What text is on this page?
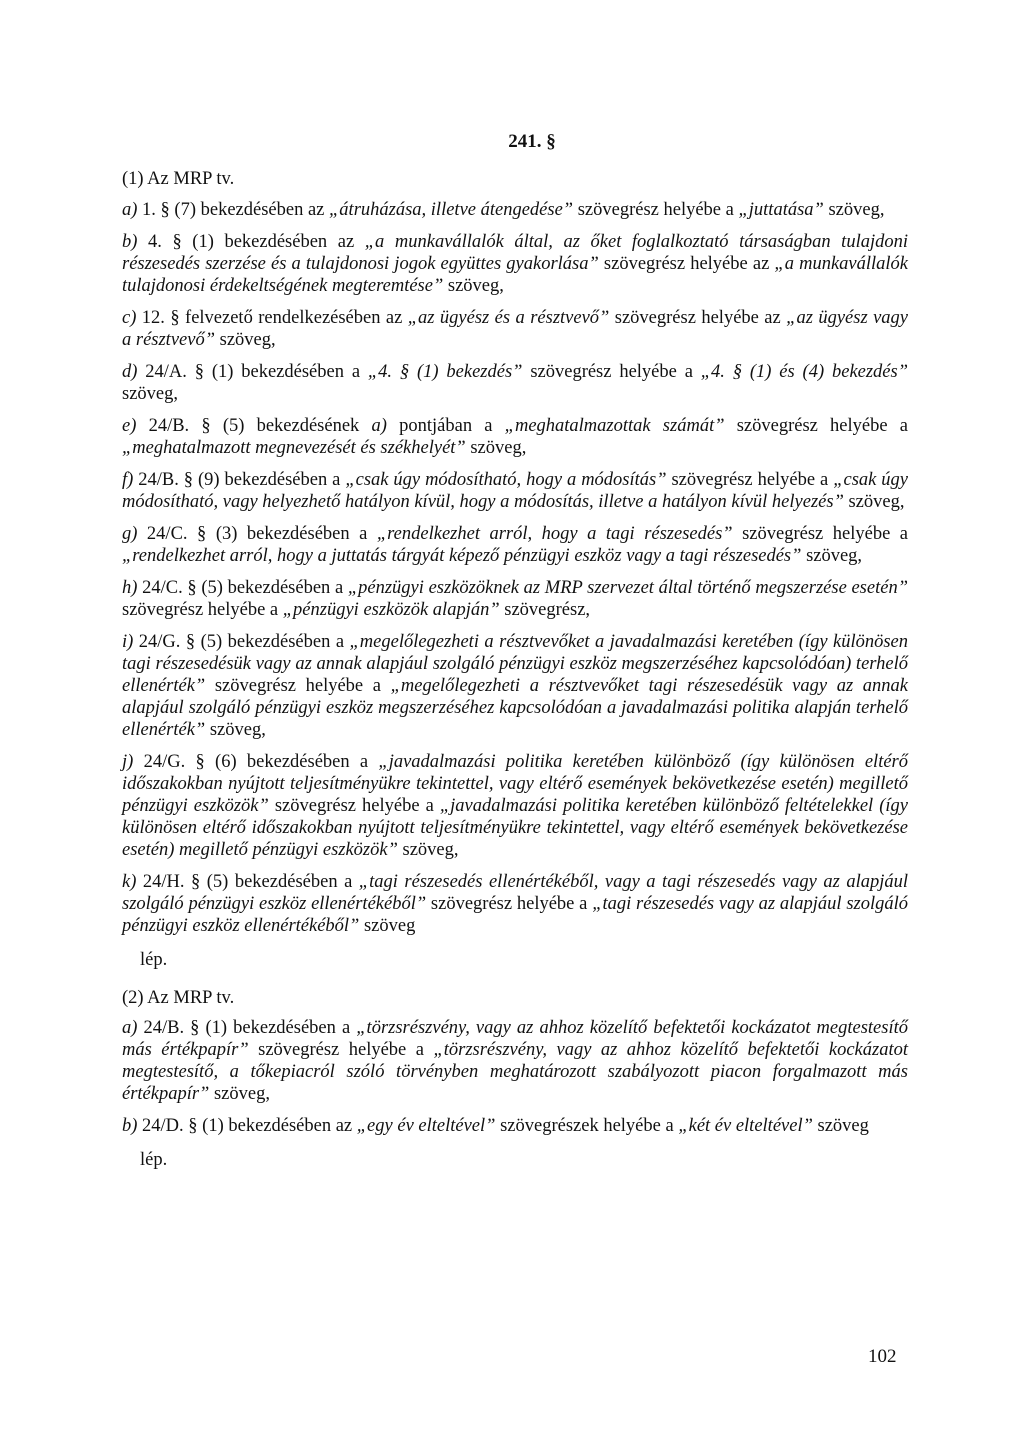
241. §
(1) Az MRP tv.
a) 1. § (7) bekezdésében az „átruházása, illetve átengedése” szövegrész helyébe a „juttatása” szöveg,
b) 4. § (1) bekezdésében az „a munkavállalók által, az őket foglalkoztató társaságban tulajdoni részesedés szerzése és a tulajdonosi jogok együttes gyakorlása” szövegrész helyébe az „a munkavállalók tulajdonosi érdekeltségének megteremtése” szöveg,
c) 12. § felvezető rendelkezésében az „az ügyész és a résztvevő” szövegrész helyébe az „az ügyész vagy a résztvevő” szöveg,
d) 24/A. § (1) bekezdésében a „4. § (1) bekezdés” szövegrész helyébe a „4. § (1) és (4) bekezdés” szöveg,
e) 24/B. § (5) bekezdésének a) pontjában a „meghatalmazottak számát” szövegrész helyébe a „meghatalmazott megnevezését és székhelyét” szöveg,
f) 24/B. § (9) bekezdésében a „csak úgy módosítható, hogy a módosítás” szövegrész helyébe a „csak úgy módosítható, vagy helyezhető hatályon kívül, hogy a módosítás, illetve a hatályon kívül helyezés” szöveg,
g) 24/C. § (3) bekezdésében a „rendelkezhet arról, hogy a tagi részesedés” szövegrész helyébe a „rendelkezhet arról, hogy a juttatás tárgyát képező pénzügyi eszköz vagy a tagi részesedés” szöveg,
h) 24/C. § (5) bekezdésében a „pénzügyi eszközöknek az MRP szervezet által történő megszerzése esetén” szövegrész helyébe a „pénzügyi eszközök alapján” szövegrész,
i) 24/G. § (5) bekezdésében a „megelőlegezheti a résztvevőket a javadalmazási keretében (így különösen tagi részesedésük vagy az annak alapjául szolgáló pénzügyi eszköz megszerzéséhez kapcsolódóan) terhelő ellenérték” szövegrész helyébe a „megelőlegezheti a résztvevőket tagi részesedésük vagy az annak alapjául szolgáló pénzügyi eszköz megszerzéséhez kapcsolódóan a javadalmazási politika alapján terhelő ellenérték” szöveg,
j) 24/G. § (6) bekezdésében a „javadalmazási politika keretében különböző (így különösen eltérő időszakokban nyújtott teljesítményükre tekintettel, vagy eltérő események bekövetkezése esetén) megillető pénzügyi eszközök” szövegrész helyébe a „javadalmazási politika keretében különböző feltételekkel (így különösen eltérő időszakokban nyújtott teljesítményükre tekintettel, vagy eltérő események bekövetkezése esetén) megillető pénzügyi eszközök” szöveg,
k) 24/H. § (5) bekezdésében a „tagi részesedés ellenértékéből, vagy a tagi részesedés vagy az alapjául szolgáló pénzügyi eszköz ellenértékéből” szövegrész helyébe a „tagi részesedés vagy az alapjául szolgáló pénzügyi eszköz ellenértékéből” szöveg
lép.
(2) Az MRP tv.
a) 24/B. § (1) bekezdésében a „törzsrészvény, vagy az ahhoz közelítő befektetői kockázatot megtestesítő más értékpapír” szövegrész helyébe a „törzsrészvény, vagy az ahhoz közelítő befektetői kockázatot megtestesítő, a tőkepiacról szóló törvényben meghatározott szabályozott piacon forgalmazott más értékpapír” szöveg,
b) 24/D. § (1) bekezdésében az „egy év elteltével” szövegrészek helyébe a „két év elteltével” szöveg
lép.
102
